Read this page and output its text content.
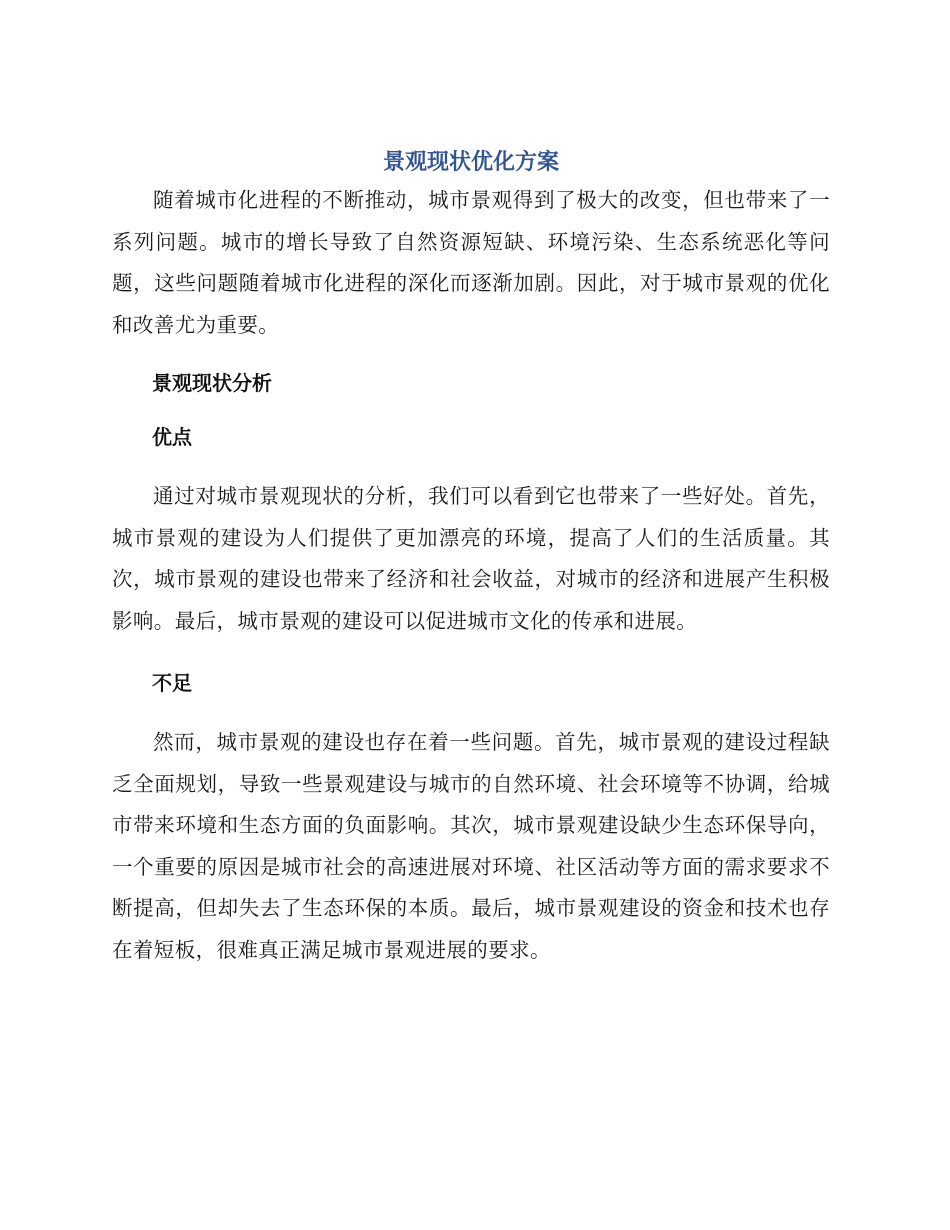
景观现状优化方案

随着城市化进程的不断推动，城市景观得到了极大的改变，但也带来了一系列问题。城市的增长导致了自然资源短缺、环境污染、生态系统恶化等问题，这些问题随着城市化进程的深化而逐渐加剧。因此，对于城市景观的优化和改善尤为重要。

景观现状分析
优点

通过对城市景观现状的分析，我们可以看到它也带来了一些好处。首先，城市景观的建设为人们提供了更加漂亮的环境，提高了人们的生活质量。其次，城市景观的建设也带来了经济和社会收益，对城市的经济和进展产生积极影响。最后，城市景观的建设可以促进城市文化的传承和进展。

不足

然而，城市景观的建设也存在着一些问题。首先，城市景观的建设过程缺乏全面规划，导致一些景观建设与城市的自然环境、社会环境等不协调，给城市带来环境和生态方面的负面影响。其次，城市景观建设缺少生态环保导向，一个重要的原因是城市社会的高速进展对环境、社区活动等方面的需求要求不断提高，但却失去了生态环保的本质。最后，城市景观建设的资金和技术也存在着短板，很难真正满足城市景观进展的要求。
